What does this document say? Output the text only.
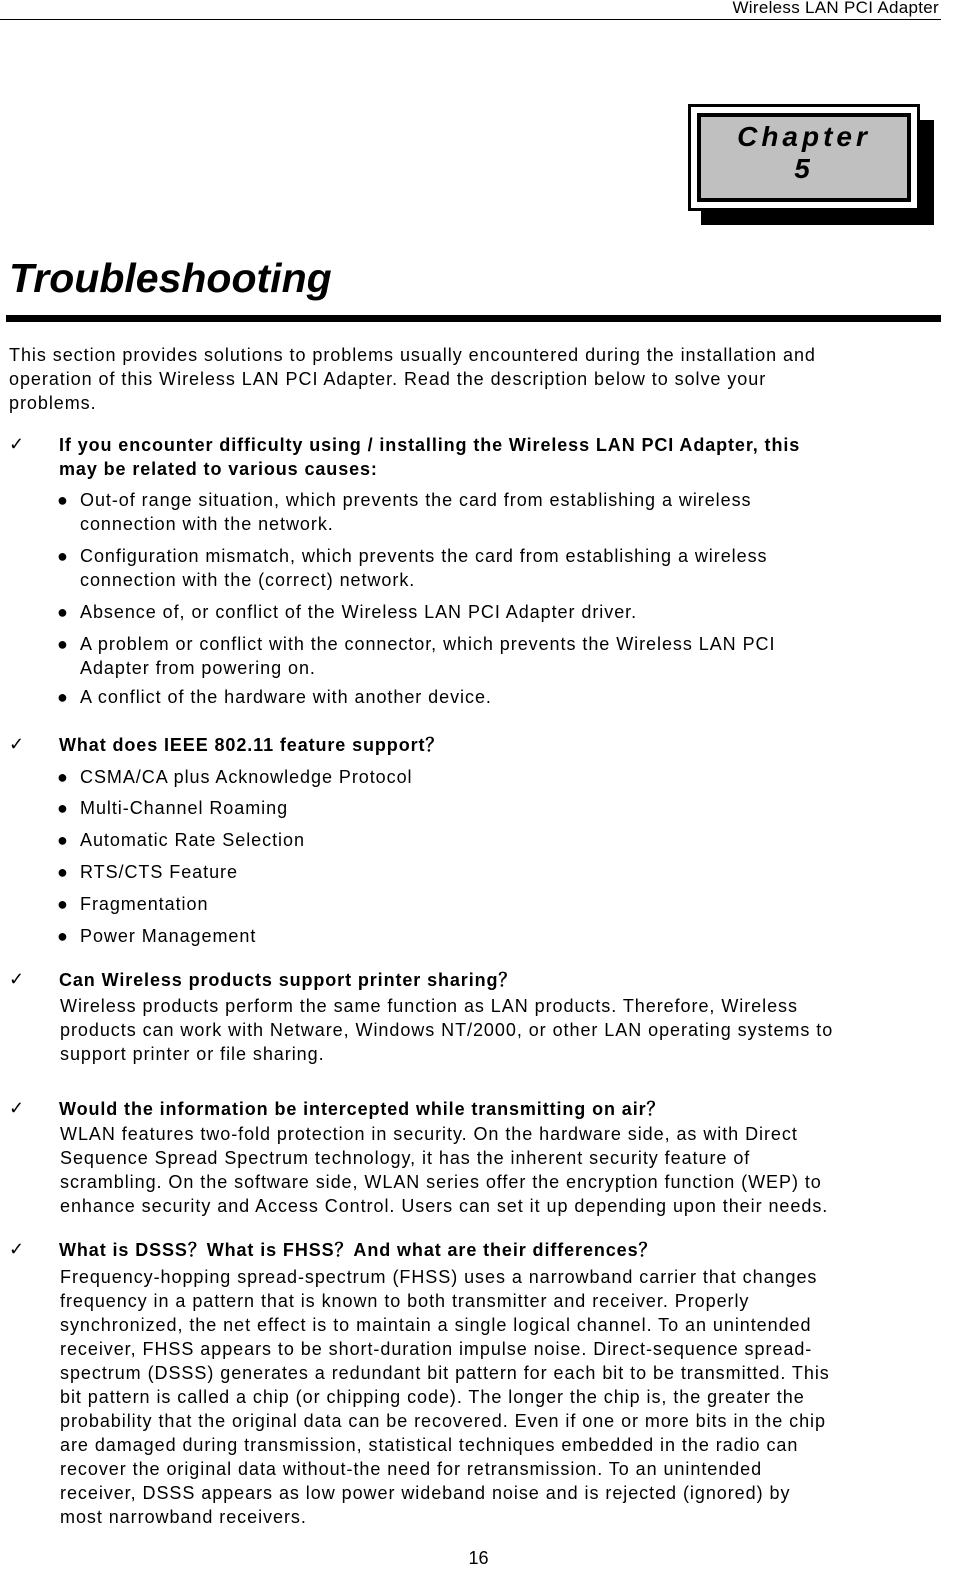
Wireless LAN PCI Adapter
Chapter
5
Troubleshooting
This section provides solutions to problems usually encountered during the installation and
operation of this Wireless LAN PCI Adapter. Read the description below to solve your
problems.
✓ If you encounter difficulty using / installing the Wireless LAN PCI Adapter, this
may be related to various causes:
● Out-of range situation, which prevents the card from establishing a wireless
connection with the network.
● Configuration mismatch, which prevents the card from establishing a wireless
connection with the (correct) network.
● Absence of, or conflict of the Wireless LAN PCI Adapter driver.
● A problem or conflict with the connector, which prevents the Wireless LAN PCI
Adapter from powering on.
● A conflict of the hardware with another device.
✓ What does IEEE 802.11 feature support？
● CSMA/CA plus Acknowledge Protocol
● Multi-Channel Roaming
● Automatic Rate Selection
● RTS/CTS Feature
● Fragmentation
● Power Management
✓ Can Wireless products support printer sharing？
Wireless products perform the same function as LAN products. Therefore, Wireless
products can work with Netware, Windows NT/2000, or other LAN operating systems to
support printer or file sharing.
✓ Would the information be intercepted while transmitting on air？
WLAN features two-fold protection in security. On the hardware side, as with Direct
Sequence Spread Spectrum technology, it has the inherent security feature of
scrambling. On the software side, WLAN series offer the encryption function (WEP) to
enhance security and Access Control. Users can set it up depending upon their needs.
✓ What is DSSS？What is FHSS？And what are their differences？
Frequency-hopping spread-spectrum (FHSS) uses a narrowband carrier that changes
frequency in a pattern that is known to both transmitter and receiver. Properly
synchronized, the net effect is to maintain a single logical channel. To an unintended
receiver, FHSS appears to be short-duration impulse noise. Direct-sequence spread-
spectrum (DSSS) generates a redundant bit pattern for each bit to be transmitted. This
bit pattern is called a chip (or chipping code). The longer the chip is, the greater the
probability that the original data can be recovered. Even if one or more bits in the chip
are damaged during transmission, statistical techniques embedded in the radio can
recover the original data without-the need for retransmission. To an unintended
receiver, DSSS appears as low power wideband noise and is rejected (ignored) by
most narrowband receivers.
16
